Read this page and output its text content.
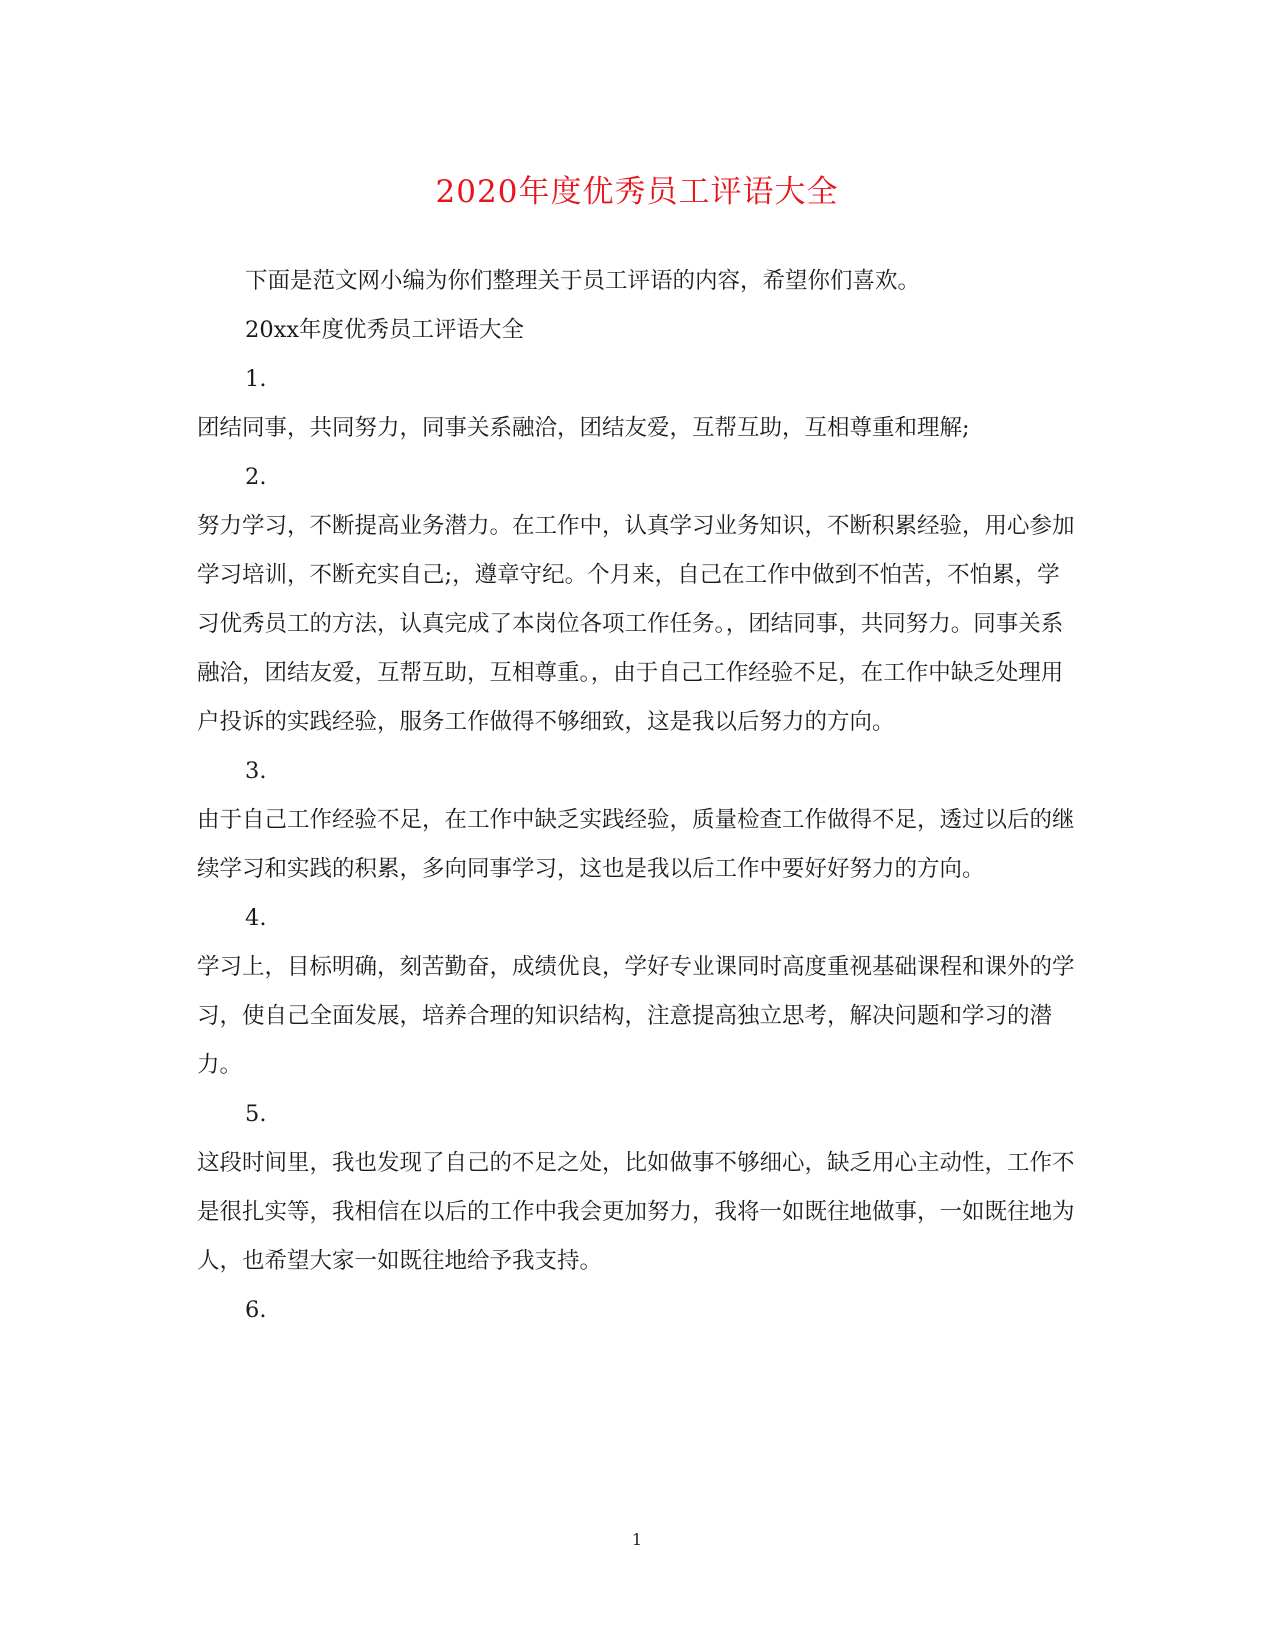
2020年度优秀员工评语大全

下面是范文网小编为你们整理关于员工评语的内容，希望你们喜欢。

20xx年度优秀员工评语大全

1.

团结同事，共同努力，同事关系融洽，团结友爱，互帮互助，互相尊重和理解;

2.

努力学习，不断提高业务潜力。在工作中，认真学习业务知识，不断积累经验，用心参加学习培训，不断充实自己;，遵章守纪。个月来，自己在工作中做到不怕苦，不怕累，学习优秀员工的方法，认真完成了本岗位各项工作任务。，团结同事，共同努力。同事关系融洽，团结友爱，互帮互助，互相尊重。，由于自己工作经验不足，在工作中缺乏处理用户投诉的实践经验，服务工作做得不够细致，这是我以后努力的方向。

3.

由于自己工作经验不足，在工作中缺乏实践经验，质量检查工作做得不足，透过以后的继续学习和实践的积累，多向同事学习，这也是我以后工作中要好好努力的方向。

4.

学习上，目标明确，刻苦勤奋，成绩优良，学好专业课同时高度重视基础课程和课外的学习，使自己全面发展，培养合理的知识结构，注意提高独立思考，解决问题和学习的潜力。

5.

这段时间里，我也发现了自己的不足之处，比如做事不够细心，缺乏用心主动性，工作不是很扎实等，我相信在以后的工作中我会更加努力，我将一如既往地做事，一如既往地为人，也希望大家一如既往地给予我支持。

6.

1
